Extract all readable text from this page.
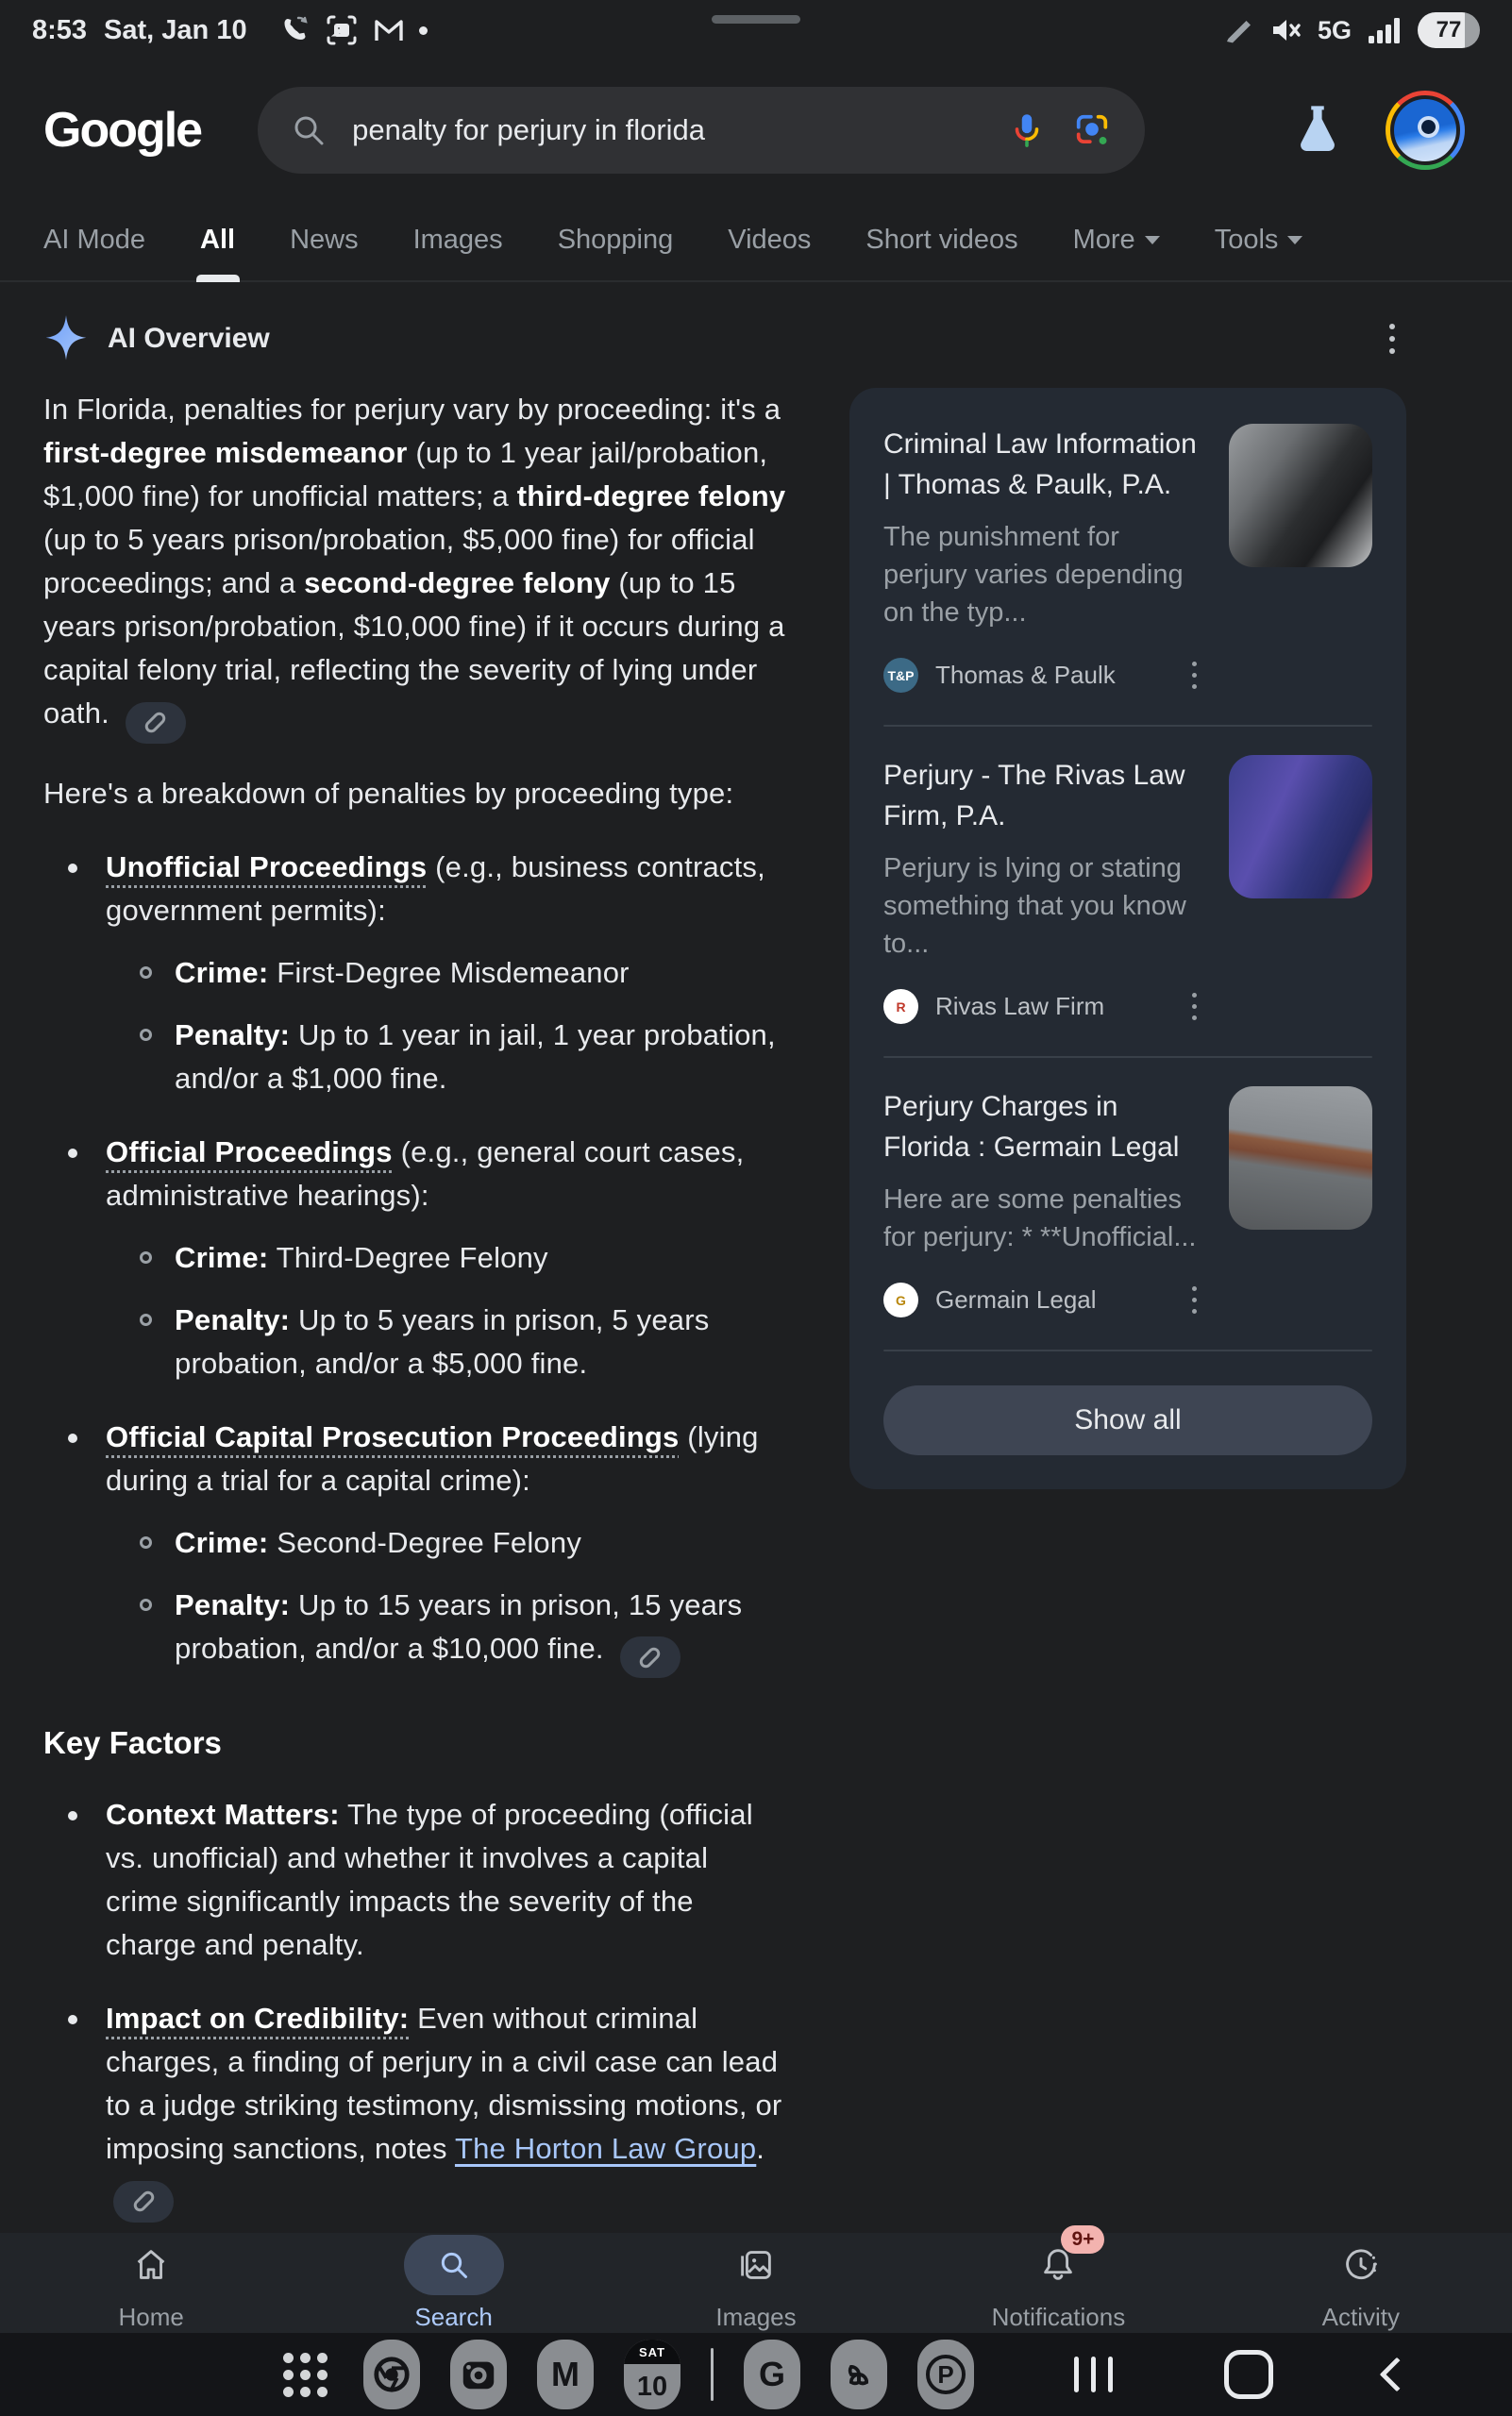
8:53 Sat, Jan 10	5G	77
Google	penalty for perjury in florida
AI Mode All News Images Shopping Videos Short videos More	Tools
AI Overview
In Florida, penalties for perjury vary by proceeding: it's a first-degree misdemeanor (up to 1 year jail/probation, $1,000 fine) for unofficial matters; a third-degree felony (up to 5 years prison/probation, $5,000 fine) for official proceedings; and a second-degree felony (up to 15 years prison/probation, $10,000 fine) if it occurs during a capital felony trial, reflecting the severity of lying under oath.
Here's a breakdown of penalties by proceeding type:
Unofficial Proceedings (e.g., business contracts, government permits):
Crime: First-Degree Misdemeanor
Penalty: Up to 1 year in jail, 1 year probation, and/or a $1,000 fine.
Official Proceedings (e.g., general court cases, administrative hearings):
Crime: Third-Degree Felony
Penalty: Up to 5 years in prison, 5 years probation, and/or a $5,000 fine.
Official Capital Prosecution Proceedings (lying during a trial for a capital crime):
Crime: Second-Degree Felony
Penalty: Up to 15 years in prison, 15 years probation, and/or a $10,000 fine.
Key Factors
Context Matters: The type of proceeding (official vs. unofficial) and whether it involves a capital crime significantly impacts the severity of the charge and penalty.
Impact on Credibility: Even without criminal charges, a finding of perjury in a civil case can lead to a judge striking testimony, dismissing motions, or imposing sanctions, notes The Horton Law Group.
Criminal Law Information | Thomas & Paulk, P.A.
The punishment for perjury varies depending on the typ...
T&P Thomas & Paulk
Perjury - The Rivas Law Firm, P.A.
Perjury is lying or stating something that you know to...
R	Rivas Law Firm
Perjury Charges in Florida : Germain Legal
Here are some penalties for perjury: * **Unofficial...
G	Germain Legal
Show all
Home	Search	Images
9+
Notifications	Activity
M
SAT
10	G	P
